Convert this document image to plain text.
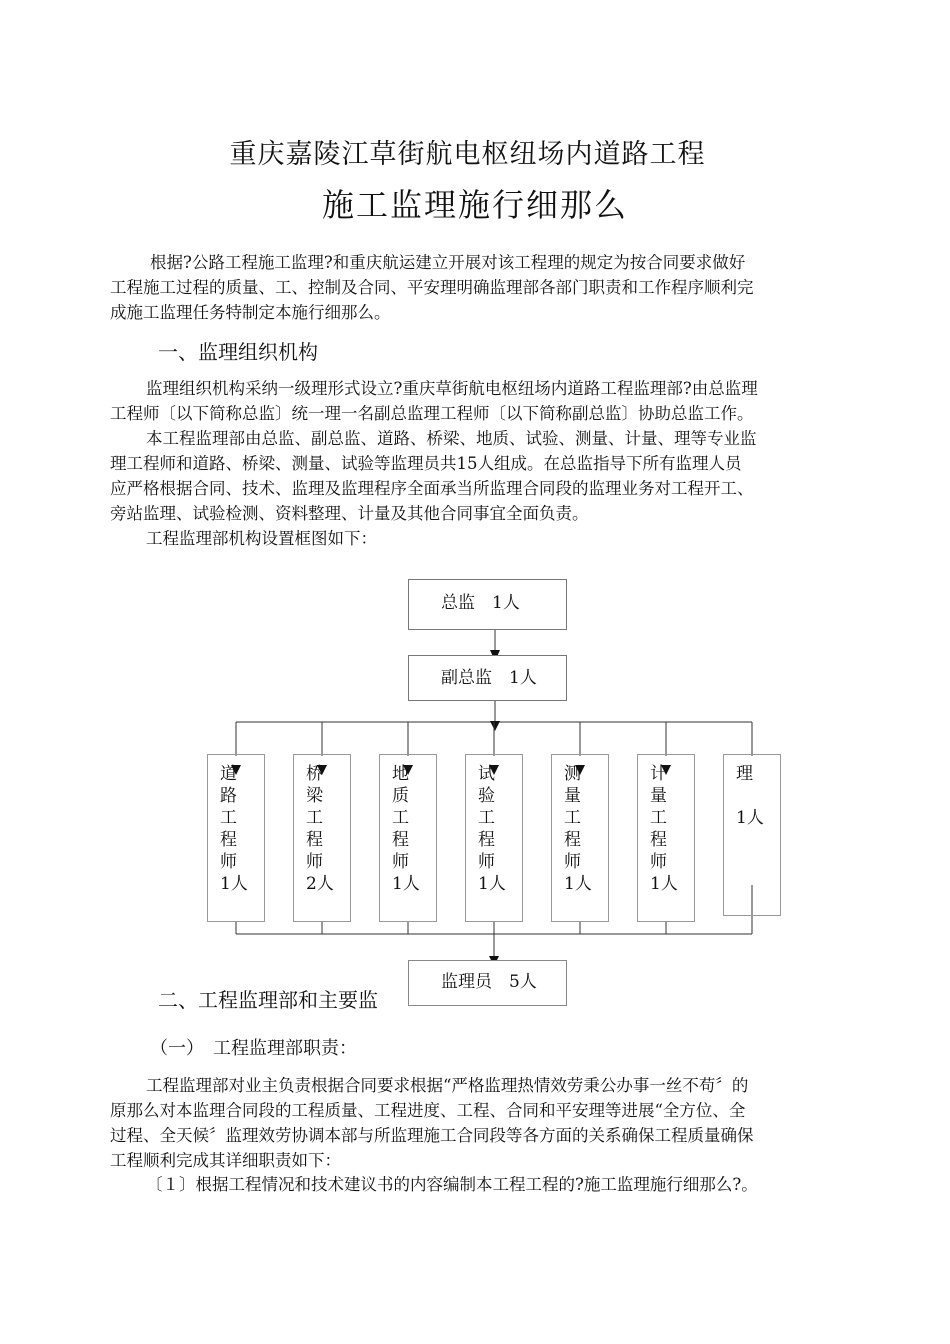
重庆嘉陵江草街航电枢纽场内道路工程
施工监理施行细那么
根据?公路工程施工监理?和重庆航运建立开展对该工程理的规定为按合同要求做好
工程施工过程的质量、工、控制及合同、平安理明确监理部各部门职责和工作程序顺利完
成施工监理任务特制定本施行细那么。
一、监理组织机构
监理组织机构采纳一级理形式设立?重庆草街航电枢纽场内道路工程监理部?由总监理
工程师〔以下简称总监〕统一理一名副总监理工程师〔以下简称副总监〕协助总监工作。
本工程监理部由总监、副总监、道路、桥梁、地质、试验、测量、计量、理等专业监
理工程师和道路、桥梁、测量、试验等监理员共15人组成。在总监指导下所有监理人员
应严格根据合同、技术、监理及监理程序全面承当所监理合同段的监理业务对工程开工、
旁站监理、试验检测、资料整理、计量及其他合同事宜全面负责。
工程监理部机构设置框图如下：
总监　1人
副总监　1人
道路工程师
1人
桥梁工程师
2人
地质工程师
1人
试验工程师
1人
测量工程师
1人
计量工程师
1人
理
1人
二、工程监理部和主要监
监理员　5人
（一）　工程监理部职责：
工程监理部对业主负责根据合同要求根据“严格监理热情效劳秉公办事一丝不苟〞的
原那么对本监理合同段的工程质量、工程进度、工程、合同和平安理等进展“全方位、全
过程、全天候〞监理效劳协调本部与所监理施工合同段等各方面的关系确保工程质量确保
工程顺利完成其详细职责如下：
〔１〕根据工程情况和技术建议书的内容编制本工程工程的?施工监理施行细那么?。
